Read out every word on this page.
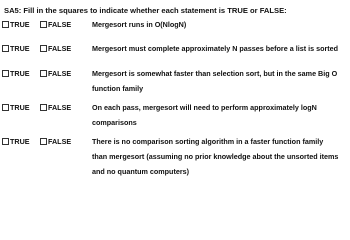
SA5: Fill in the squares to indicate whether each statement is TRUE or FALSE:
TRUE	FALSE	Mergesort runs in O(NlogN)
TRUE	FALSE	Mergesort must complete approximately N passes before a list is sorted
TRUE	FALSE	Mergesort is somewhat faster than selection sort, but in the same Big O
function family
TRUE	FALSE	On each pass, mergesort will need to perform approximately logN
comparisons
TRUE	FALSE	There is no comparison sorting algorithm in a faster function family
than mergesort (assuming no prior knowledge about the unsorted items
and no quantum computers)
